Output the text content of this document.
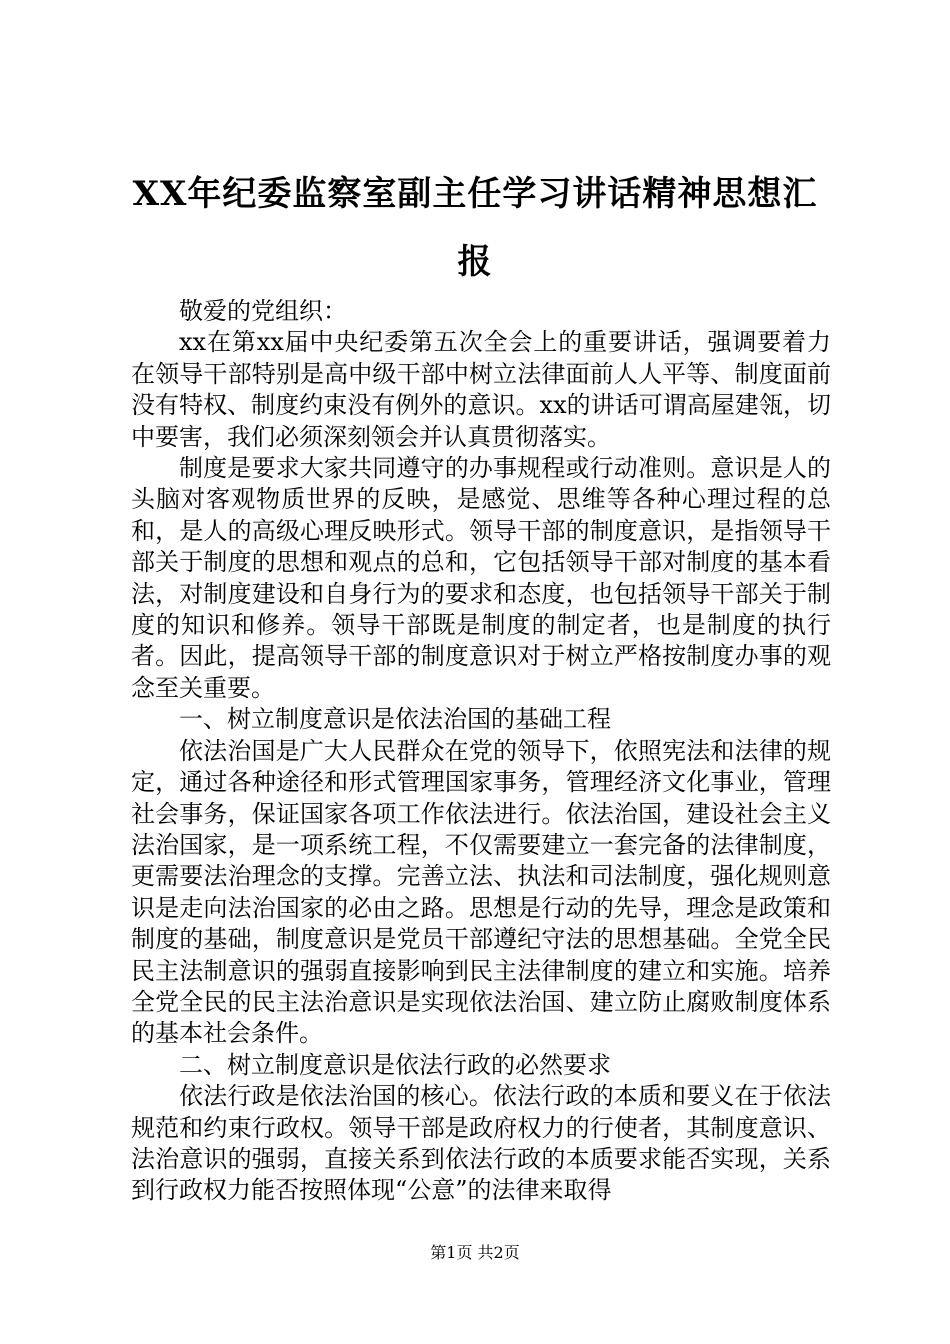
XX年纪委监察室副主任学习讲话精神思想汇报

敬爱的党组织：

xx在第xx届中央纪委第五次全会上的重要讲话，强调要着力在领导干部特别是高中级干部中树立法律面前人人平等、制度面前没有特权、制度约束没有例外的意识。xx的讲话可谓高屋建瓴，切中要害，我们必须深刻领会并认真贯彻落实。

制度是要求大家共同遵守的办事规程或行动准则。意识是人的头脑对客观物质世界的反映，是感觉、思维等各种心理过程的总和，是人的高级心理反映形式。领导干部的制度意识，是指领导干部关于制度的思想和观点的总和，它包括领导干部对制度的基本看法，对制度建设和自身行为的要求和态度，也包括领导干部关于制度的知识和修养。领导干部既是制度的制定者，也是制度的执行者。因此，提高领导干部的制度意识对于树立严格按制度办事的观念至关重要。

一、树立制度意识是依法治国的基础工程

依法治国是广大人民群众在党的领导下，依照宪法和法律的规定，通过各种途径和形式管理国家事务，管理经济文化事业，管理社会事务，保证国家各项工作依法进行。依法治国，建设社会主义法治国家，是一项系统工程，不仅需要建立一套完备的法律制度，更需要法治理念的支撑。完善立法、执法和司法制度，强化规则意识是走向法治国家的必由之路。思想是行动的先导，理念是政策和制度的基础，制度意识是党员干部遵纪守法的思想基础。全党全民民主法制意识的强弱直接影响到民主法律制度的建立和实施。培养全党全民的民主法治意识是实现依法治国、建立防止腐败制度体系的基本社会条件。

二、树立制度意识是依法行政的必然要求

依法行政是依法治国的核心。依法行政的本质和要义在于依法规范和约束行政权。领导干部是政府权力的行使者，其制度意识、法治意识的强弱，直接关系到依法行政的本质要求能否实现，关系到行政权力能否按照体现“公意”的法律来取得

第1页 共2页
